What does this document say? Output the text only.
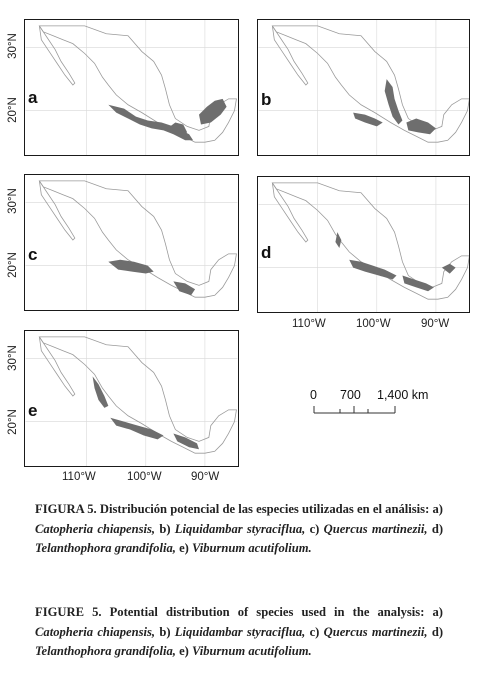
a
30°N
20°N	b
c
30°N
20°N	d
110°W	100°W	90°W
e
30°N
20°N
110°W	100°W	90°W
0 700 1,400 km

FIGURA 5. Distribución potencial de las especies utilizadas en el análisis: a) Catopheria chiapensis, b) Liquidambar styraciflua, c) Quercus martinezii, d) Telanthophora grandifolia, e) Viburnum acutifolium.

FIGURE 5. Potential distribution of species used in the analysis: a) Catopheria chiapensis, b) Liquidambar styraciflua, c) Quercus martinezii, d) Telanthophora grandifolia, e) Viburnum acutifolium.
